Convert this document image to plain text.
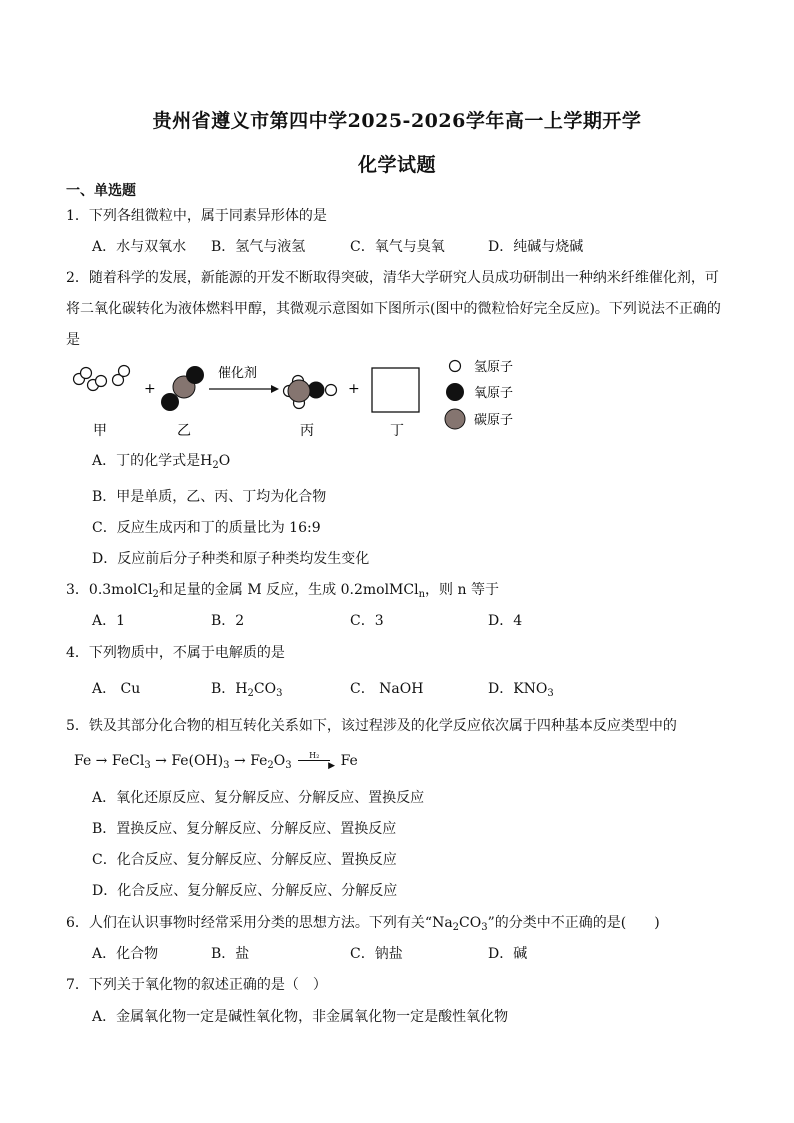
贵州省遵义市第四中学2025-2026学年高一上学期开学
化学试题
一、单选题
1．下列各组微粒中，属于同素异形体的是
A．水与双氧水 B．氢气与液氢	C．氧气与臭氧	D．纯碱与烧碱
2．随着科学的发展，新能源的开发不断取得突破，清华大学研究人员成功研制出一种纳米纤维催化剂，可
将二氧化碳转化为液体燃料甲醇，其微观示意图如下图所示(图中的微粒恰好完全反应)。下列说法不正确的
是
+
催化剂
+
甲	乙	丙	丁
氢原子
氧原子
碳原子
A．丁的化学式是$H_2O$
B．甲是单质，乙、丙、丁均为化合物
C．反应生成丙和丁的质量比为 16:9
D．反应前后分子种类和原子种类均发生变化
3．0.3molCl$_2$和足量的金属 M 反应，生成 0.2molMCl$_n$，则 n 等于
A．1	B．2	C．3	D．4
4．下列物质中，不属于电解质的是
A． Cu	B．$H_2CO_3$	C． NaOH	D．$KNO_3$
5．铁及其部分化合物的相互转化关系如下，该过程涉及的化学反应依次属于四种基本反应类型中的
Fe → FeCl$_3$ → $Fe(OH)_3 \to Fe_2O_3$
H₂
▶ Fe
A．氧化还原反应、复分解反应、分解反应、置换反应
B．置换反应、复分解反应、分解反应、置换反应
C．化合反应、复分解反应、分解反应、置换反应
D．化合反应、复分解反应、分解反应、分解反应
6．人们在认识事物时经常采用分类的思想方法。下列有关“$Na_2CO_3$”的分类中不正确的是(　　)
A．化合物	B．盐	C．钠盐	D．碱
7．下列关于氧化物的叙述正确的是（　）
A．金属氧化物一定是碱性氧化物，非金属氧化物一定是酸性氧化物
